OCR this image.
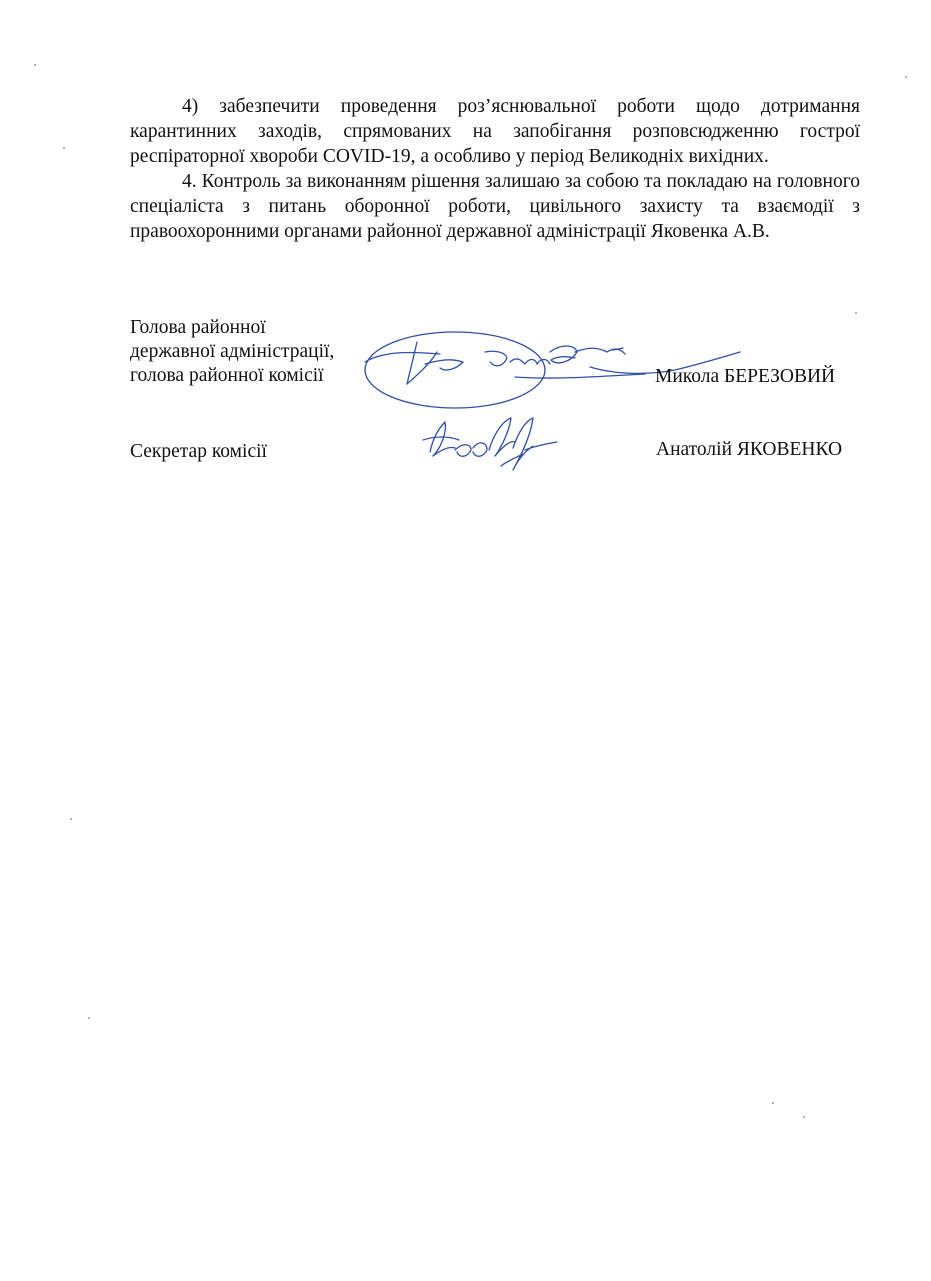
4) забезпечити проведення роз’яснювальної роботи щодо дотримання карантинних заходів, спрямованих на запобігання розповсюдженню гострої респіраторної хвороби COVID-19, а особливо у період Великодніх вихідних.

4. Контроль за виконанням рішення залишаю за собою та покладаю на головного спеціаліста з питань оборонної роботи, цивільного захисту та взаємодії з правоохоронними органами районної державної адміністрації Яковенка А.В.

Голова районної
державної адміністрації,
голова районної комісії	Микола БЕРЕЗОВИЙ
Секретар комісії	Анатолій ЯКОВЕНКО
